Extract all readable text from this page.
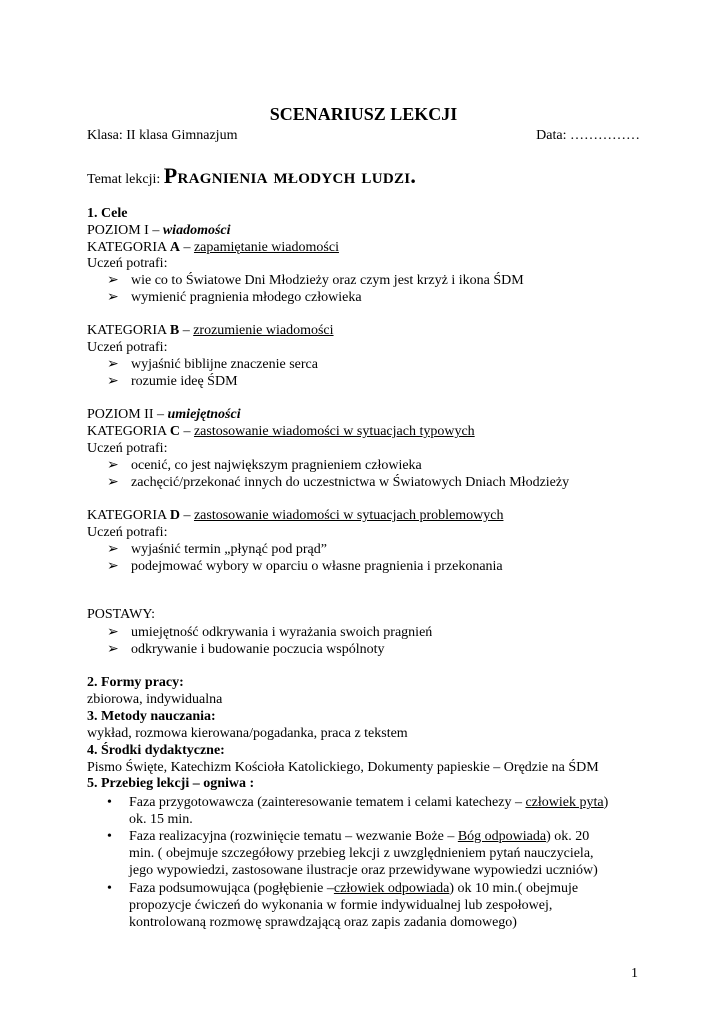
SCENARIUSZ LEKCJI
Klasa: II klasa Gimnazjum	Data: ……………
Temat lekcji: Pragnienia młodych ludzi.
1. Cele
POZIOM I – wiadomości
KATEGORIA A – zapamiętanie wiadomości
Uczeń potrafi:
➢ wie co to Światowe Dni Młodzieży oraz czym jest krzyż i ikona ŚDM
➢ wymienić pragnienia młodego człowieka
KATEGORIA B – zrozumienie wiadomości
Uczeń potrafi:
➢ wyjaśnić biblijne znaczenie serca
➢ rozumie ideę ŚDM
POZIOM II – umiejętności
KATEGORIA C – zastosowanie wiadomości w sytuacjach typowych
Uczeń potrafi:
➢ ocenić, co jest największym pragnieniem człowieka
➢ zachęcić/przekonać innych do uczestnictwa w Światowych Dniach Młodzieży
KATEGORIA D – zastosowanie wiadomości w sytuacjach problemowych
Uczeń potrafi:
➢ wyjaśnić termin „płynąć pod prąd”
➢ podejmować wybory w oparciu o własne pragnienia i przekonania
POSTAWY:
➢ umiejętność odkrywania i wyrażania swoich pragnień
➢ odkrywanie i budowanie poczucia wspólnoty
2. Formy pracy:
zbiorowa, indywidualna
3. Metody nauczania:
wykład, rozmowa kierowana/pogadanka, praca z tekstem
4. Środki dydaktyczne:
Pismo Święte, Katechizm Kościoła Katolickiego, Dokumenty papieskie – Orędzie na ŚDM
5. Przebieg lekcji – ogniwa :
• Faza przygotowawcza (zainteresowanie tematem i celami katechezy – człowiek pyta)
ok. 15 min.
• Faza realizacyjna (rozwinięcie tematu – wezwanie Boże – Bóg odpowiada) ok. 20
min. ( obejmuje szczegółowy przebieg lekcji z uwzględnieniem pytań nauczyciela,
jego wypowiedzi, zastosowane ilustracje oraz przewidywane wypowiedzi uczniów)
• Faza podsumowująca (pogłębienie –człowiek odpowiada) ok 10 min.( obejmuje
propozycje ćwiczeń do wykonania w formie indywidualnej lub zespołowej,
kontrolowaną rozmowę sprawdzającą oraz zapis zadania domowego)
1
